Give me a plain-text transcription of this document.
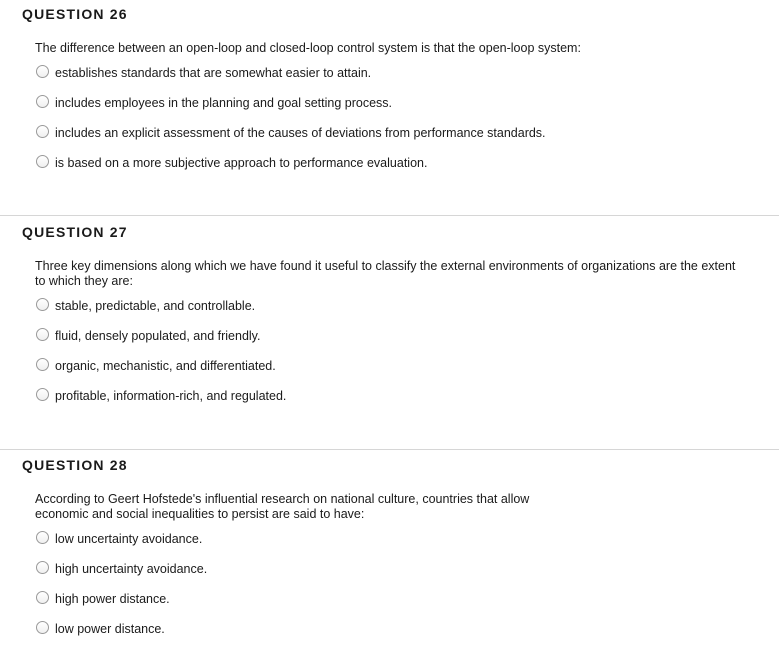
QUESTION 26

The difference between an open-loop and closed-loop control system is that the open-loop system:

establishes standards that are somewhat easier to attain.
includes employees in the planning and goal setting process.
includes an explicit assessment of the causes of deviations from performance standards.
is based on a more subjective approach to performance evaluation.
QUESTION 27

Three key dimensions along which we have found it useful to classify the external environments of organizations are the extent to which they are:

stable, predictable, and controllable.
fluid, densely populated, and friendly.
organic, mechanistic, and differentiated.
profitable, information-rich, and regulated.
QUESTION 28

According to Geert Hofstede's influential research on national culture, countries that allow economic and social inequalities to persist are said to have:

low uncertainty avoidance.
high uncertainty avoidance.
high power distance.
low power distance.
